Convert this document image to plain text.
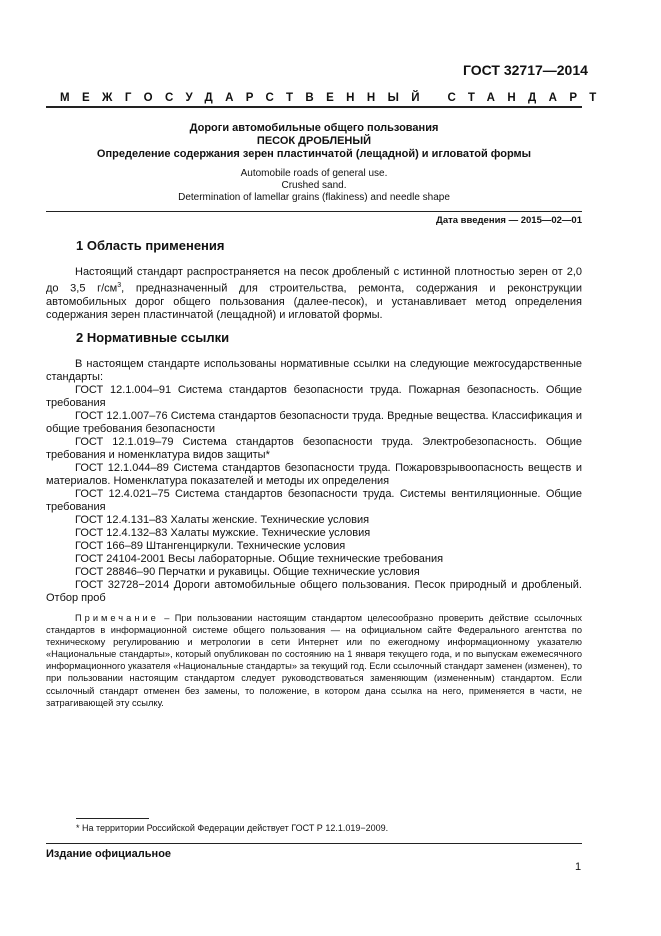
ГОСТ 32717—2014
МЕЖГОСУДАРСТВЕННЫЙ СТАНДАРТ
Дороги автомобильные общего пользования
ПЕСОК ДРОБЛЕНЫЙ
Определение содержания зерен пластинчатой (лещадной) и игловатой формы
Automobile roads of general use.
Crushed sand.
Determination of lamellar grains (flakiness) and needle shape
Дата введения — 2015—02—01
1 Область применения

Настоящий стандарт распространяется на песок дробленый с истинной плотностью зерен от 2,0 до 3,5 $г/см^3$, предназначенный для строительства, ремонта, содержания и реконструкции автомобильных дорог общего пользования (далее-песок), и устанавливает метод определения содержания зерен пластинчатой (лещадной) и игловатой формы.

2 Нормативные ссылки

В настоящем стандарте использованы нормативные ссылки на следующие межгосударственные стандарты:

ГОСТ 12.1.004–91 Система стандартов безопасности труда. Пожарная безопасность. Общие требования

ГОСТ 12.1.007–76 Система стандартов безопасности труда. Вредные вещества. Классификация и общие требования безопасности

ГОСТ 12.1.019–79 Система стандартов безопасности труда. Электробезопасность. Общие требования и номенклатура видов защиты*

ГОСТ 12.1.044–89 Система стандартов безопасности труда. Пожаровзрывоопасность веществ и материалов. Номенклатура показателей и методы их определения

ГОСТ 12.4.021–75 Система стандартов безопасности труда. Системы вентиляционные. Общие требования

ГОСТ 12.4.131–83 Халаты женские. Технические условия

ГОСТ 12.4.132–83 Халаты мужские. Технические условия

ГОСТ 166–89 Штангенциркули. Технические условия

ГОСТ 24104-2001 Весы лабораторные. Общие технические требования

ГОСТ 28846–90 Перчатки и рукавицы. Общие технические условия

ГОСТ 32728−2014 Дороги автомобильные общего пользования. Песок природный и дробленый. Отбор проб

Примечание – При пользовании настоящим стандартом целесообразно проверить действие ссылочных стандартов в информационной системе общего пользования — на официальном сайте Федерального агентства по техническому регулированию и метрологии в сети Интернет или по ежегодному информационному указателю «Национальные стандарты», который опубликован по состоянию на 1 января текущего года, и по выпускам ежемесячного информационного указателя «Национальные стандарты» за текущий год. Если ссылочный стандарт заменен (изменен), то при пользовании настоящим стандартом следует руководствоваться заменяющим (измененным) стандартом. Если ссылочный стандарт отменен без замены, то положение, в котором дана ссылка на него, применяется в части, не затрагивающей эту ссылку.

* На территории Российской Федерации действует ГОСТ Р 12.1.019−2009.
Издание официальное
1
